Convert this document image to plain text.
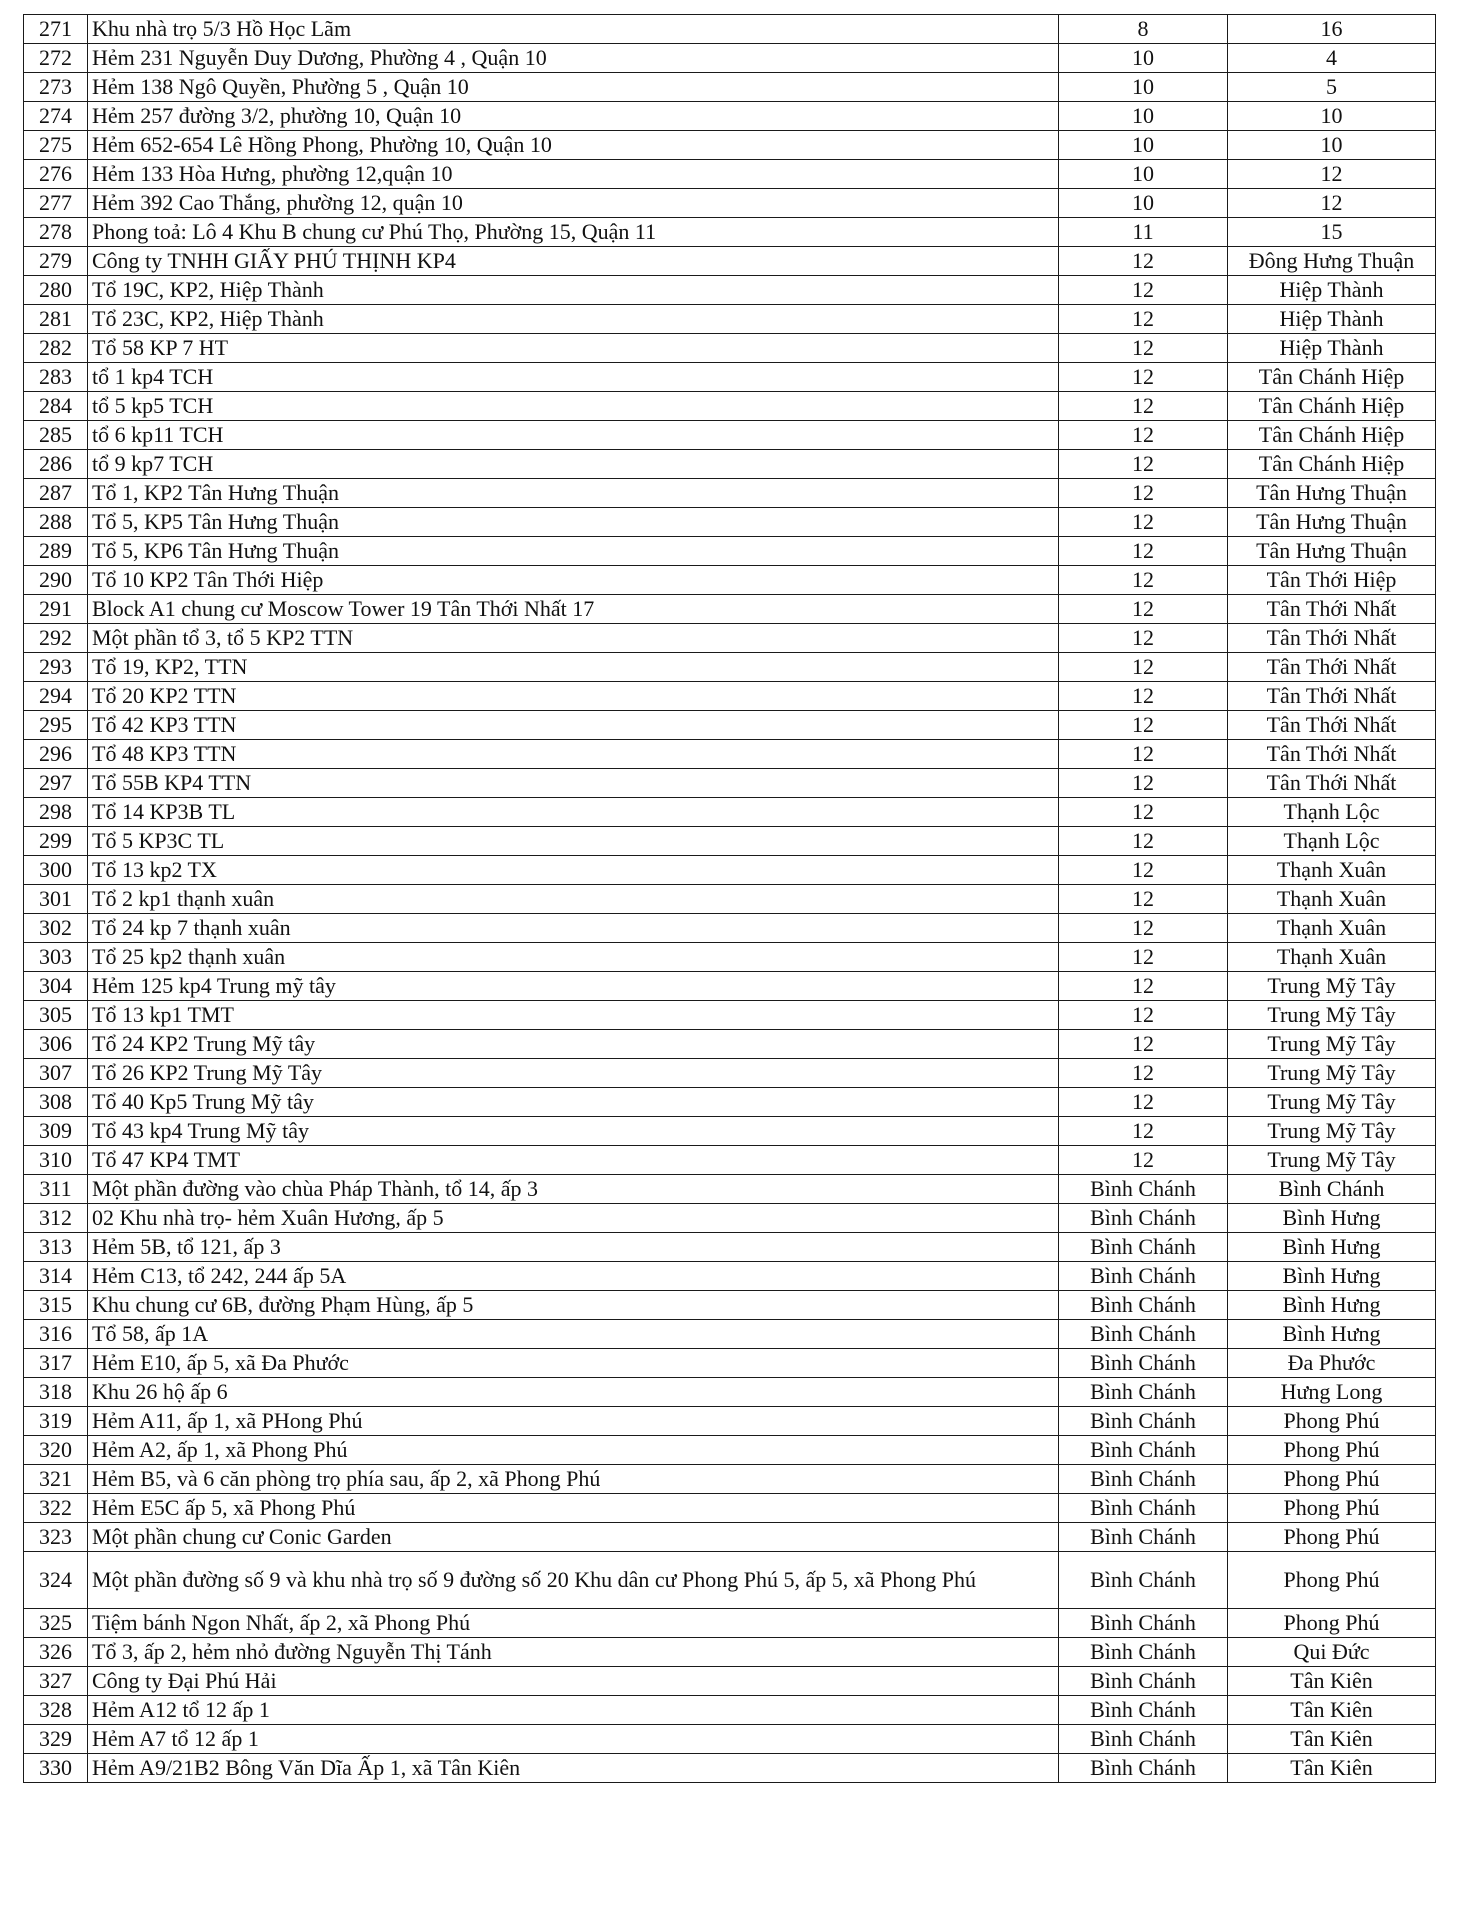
271	Khu nhà trọ 5/3 Hồ Học Lãm	8	16
272	Hẻm 231 Nguyễn Duy Dương, Phường 4 , Quận 10	10	4
273	Hẻm 138 Ngô Quyền, Phường 5 , Quận 10	10	5
274	Hẻm 257 đường 3/2, phường 10, Quận 10	10	10
275	Hẻm 652-654 Lê Hồng Phong, Phường 10, Quận 10	10	10
276	Hẻm 133 Hòa Hưng, phường 12,quận 10	10	12
277	Hẻm 392 Cao Thắng, phường 12, quận 10	10	12
278	Phong toả: Lô 4 Khu B chung cư Phú Thọ, Phường 15, Quận 11	11	15
279	Công ty TNHH GIẤY PHÚ THỊNH KP4	12	Đông Hưng Thuận
280	Tổ 19C, KP2, Hiệp Thành	12	Hiệp Thành
281	Tổ 23C, KP2, Hiệp Thành	12	Hiệp Thành
282	Tổ 58 KP 7 HT	12	Hiệp Thành
283	tổ 1 kp4 TCH	12	Tân Chánh Hiệp
284	tổ 5 kp5 TCH	12	Tân Chánh Hiệp
285	tổ 6 kp11 TCH	12	Tân Chánh Hiệp
286	tổ 9 kp7 TCH	12	Tân Chánh Hiệp
287	Tổ 1, KP2 Tân Hưng Thuận	12	Tân Hưng Thuận
288	Tổ 5, KP5 Tân Hưng Thuận	12	Tân Hưng Thuận
289	Tổ 5, KP6 Tân Hưng Thuận	12	Tân Hưng Thuận
290	Tổ 10 KP2 Tân Thới Hiệp	12	Tân Thới Hiệp
291	Block A1 chung cư Moscow Tower 19 Tân Thới Nhất 17	12	Tân Thới Nhất
292	Một phần tổ 3, tổ 5 KP2 TTN	12	Tân Thới Nhất
293	Tổ 19, KP2, TTN	12	Tân Thới Nhất
294	Tổ 20 KP2 TTN	12	Tân Thới Nhất
295	Tổ 42 KP3 TTN	12	Tân Thới Nhất
296	Tổ 48 KP3 TTN	12	Tân Thới Nhất
297	Tổ 55B KP4 TTN	12	Tân Thới Nhất
298	Tổ 14 KP3B TL	12	Thạnh Lộc
299	Tổ 5 KP3C TL	12	Thạnh Lộc
300	Tổ 13 kp2 TX	12	Thạnh Xuân
301	Tổ 2 kp1 thạnh xuân	12	Thạnh Xuân
302	Tổ 24 kp 7 thạnh xuân	12	Thạnh Xuân
303	Tổ 25 kp2 thạnh xuân	12	Thạnh Xuân
304	Hẻm 125 kp4 Trung mỹ tây	12	Trung Mỹ Tây
305	Tổ 13 kp1 TMT	12	Trung Mỹ Tây
306	Tổ 24 KP2 Trung Mỹ tây	12	Trung Mỹ Tây
307	Tổ 26 KP2 Trung Mỹ Tây	12	Trung Mỹ Tây
308	Tổ 40 Kp5 Trung Mỹ tây	12	Trung Mỹ Tây
309	Tổ 43 kp4 Trung Mỹ tây	12	Trung Mỹ Tây
310	Tổ 47 KP4 TMT	12	Trung Mỹ Tây
311	Một phần đường vào chùa Pháp Thành, tổ 14, ấp 3	Bình Chánh	Bình Chánh
312	02 Khu nhà trọ- hẻm Xuân Hương, ấp 5	Bình Chánh	Bình Hưng
313	Hẻm 5B, tổ 121, ấp 3	Bình Chánh	Bình Hưng
314	Hẻm C13, tổ 242, 244 ấp 5A	Bình Chánh	Bình Hưng
315	Khu chung cư 6B, đường Phạm Hùng, ấp 5	Bình Chánh	Bình Hưng
316	Tổ 58, ấp 1A	Bình Chánh	Bình Hưng
317	Hẻm E10, ấp 5, xã Đa Phước	Bình Chánh	Đa Phước
318	Khu 26 hộ ấp 6	Bình Chánh	Hưng Long
319	Hẻm A11, ấp 1, xã PHong Phú	Bình Chánh	Phong Phú
320	Hẻm A2, ấp 1, xã Phong Phú	Bình Chánh	Phong Phú
321	Hẻm B5, và 6 căn phòng trọ phía sau, ấp 2, xã Phong Phú	Bình Chánh	Phong Phú
322	Hẻm E5C ấp 5, xã Phong Phú	Bình Chánh	Phong Phú
323	Một phần chung cư Conic Garden	Bình Chánh	Phong Phú
324	Một phần đường số 9 và khu nhà trọ số 9 đường số 20 Khu dân cư Phong Phú 5, ấp 5, xã Phong Phú	Bình Chánh	Phong Phú
325	Tiệm bánh Ngon Nhất, ấp 2, xã Phong Phú	Bình Chánh	Phong Phú
326	Tổ 3, ấp 2, hẻm nhỏ đường Nguyễn Thị Tánh	Bình Chánh	Qui Đức
327	Công ty Đại Phú Hải	Bình Chánh	Tân Kiên
328	Hẻm A12 tổ 12 ấp 1	Bình Chánh	Tân Kiên
329	Hẻm A7 tổ 12 ấp 1	Bình Chánh	Tân Kiên
330	Hẻm A9/21B2 Bông Văn Dĩa Ấp 1, xã Tân Kiên	Bình Chánh	Tân Kiên
